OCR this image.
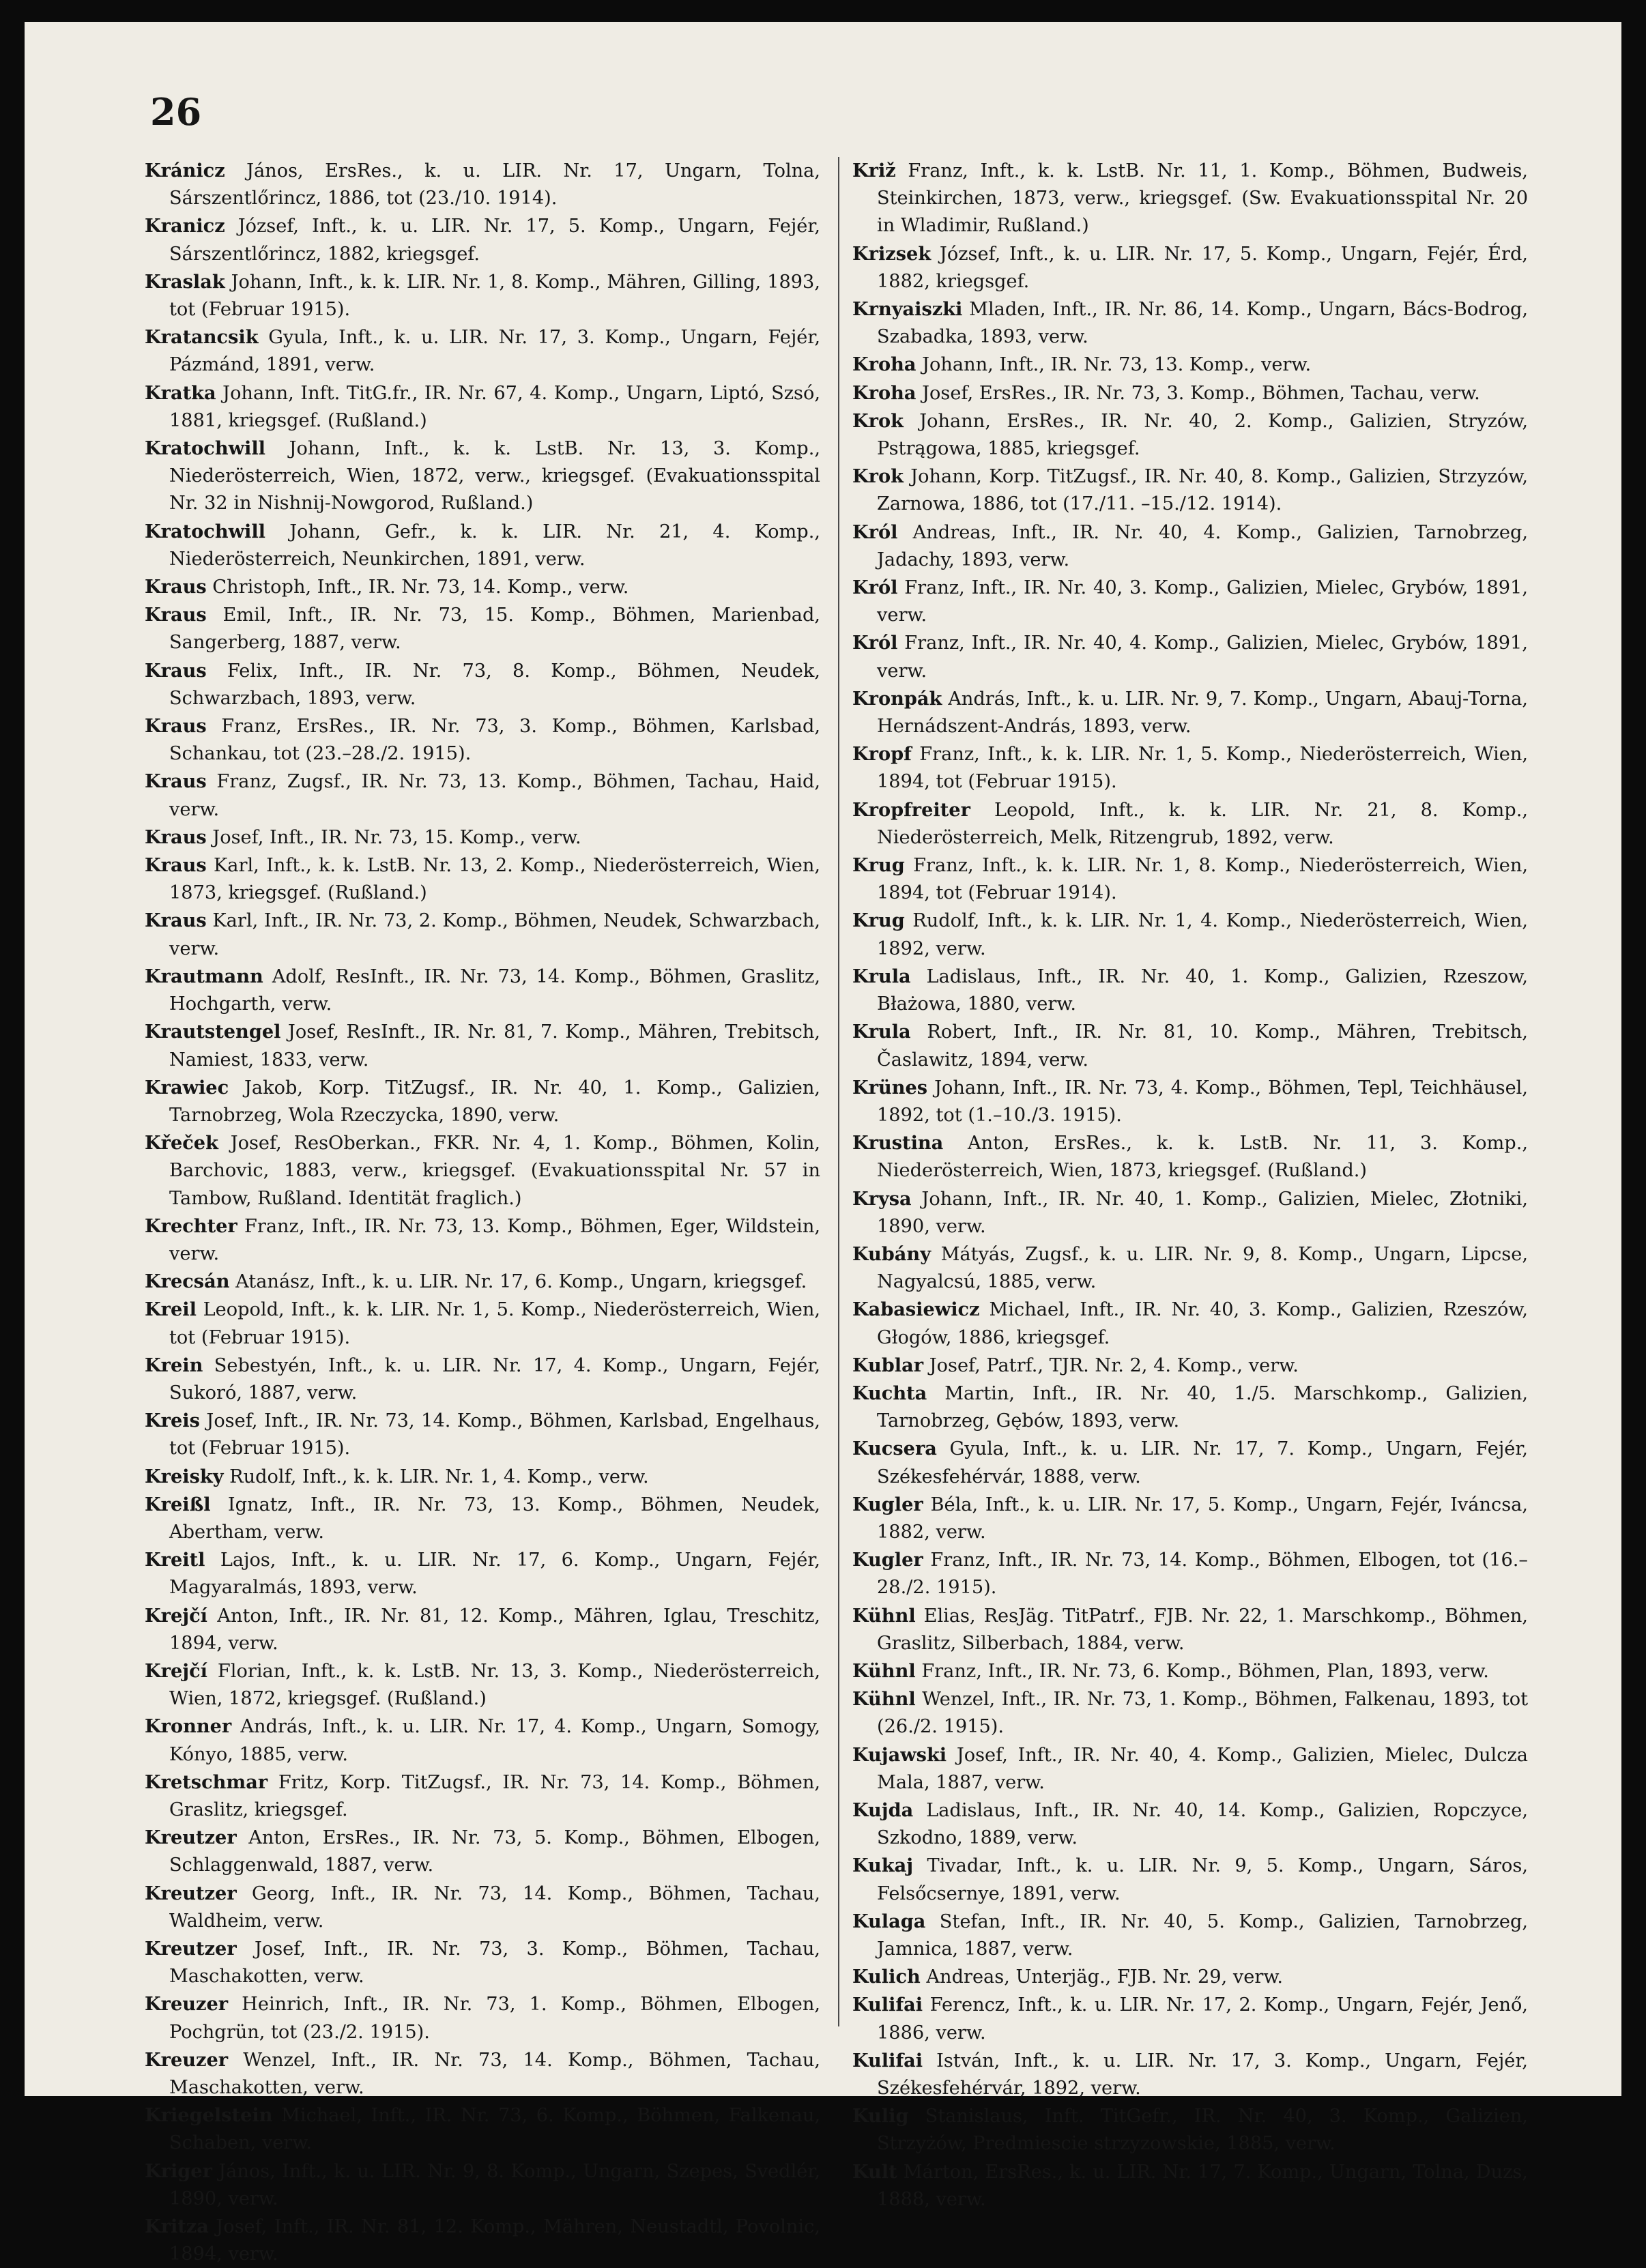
26
Kránicz János, ErsRes., k. u. LIR. Nr. 17, Ungarn, Tolna, Sárszentlőrincz, 1886, tot (23./10. 1914).
Kranicz József, Inft., k. u. LIR. Nr. 17, 5. Komp., Ungarn, Fejér, Sárszentlőrincz, 1882, kriegsgef.
Kraslak Johann, Inft., k. k. LIR. Nr. 1, 8. Komp., Mähren, Gilling, 1893, tot (Februar 1915).
Kratancsik Gyula, Inft., k. u. LIR. Nr. 17, 3. Komp., Ungarn, Fejér, Pázmánd, 1891, verw.
Kratka Johann, Inft. TitG.fr., IR. Nr. 67, 4. Komp., Ungarn, Liptó, Szsó, 1881, kriegsgef. (Rußland.)
Kratochwill Johann, Inft., k. k. LstB. Nr. 13, 3. Komp., Niederösterreich, Wien, 1872, verw., kriegsgef. (Evakuationsspital Nr. 32 in Nishnij-Nowgorod, Rußland.)
Kratochwill Johann, Gefr., k. k. LIR. Nr. 21, 4. Komp., Niederösterreich, Neunkirchen, 1891, verw.
Kraus Christoph, Inft., IR. Nr. 73, 14. Komp., verw.
Kraus Emil, Inft., IR. Nr. 73, 15. Komp., Böhmen, Marienbad, Sangerberg, 1887, verw.
Kraus Felix, Inft., IR. Nr. 73, 8. Komp., Böhmen, Neudek, Schwarzbach, 1893, verw.
Kraus Franz, ErsRes., IR. Nr. 73, 3. Komp., Böhmen, Karlsbad, Schankau, tot (23.–28./2. 1915).
Kraus Franz, Zugsf., IR. Nr. 73, 13. Komp., Böhmen, Tachau, Haid, verw.
Kraus Josef, Inft., IR. Nr. 73, 15. Komp., verw.
Kraus Karl, Inft., k. k. LstB. Nr. 13, 2. Komp., Niederösterreich, Wien, 1873, kriegsgef. (Rußland.)
Kraus Karl, Inft., IR. Nr. 73, 2. Komp., Böhmen, Neudek, Schwarzbach, verw.
Krautmann Adolf, ResInft., IR. Nr. 73, 14. Komp., Böhmen, Graslitz, Hochgarth, verw.
Krautstengel Josef, ResInft., IR. Nr. 81, 7. Komp., Mähren, Trebitsch, Namiest, 1833, verw.
Krawiec Jakob, Korp. TitZugsf., IR. Nr. 40, 1. Komp., Galizien, Tarnobrzeg, Wola Rzeczycka, 1890, verw.
Křeček Josef, ResOberkan., FKR. Nr. 4, 1. Komp., Böhmen, Kolin, Barchovic, 1883, verw., kriegsgef. (Evakuationsspital Nr. 57 in Tambow, Rußland. Identität fraglich.)
Krechter Franz, Inft., IR. Nr. 73, 13. Komp., Böhmen, Eger, Wildstein, verw.
Krecsán Atanász, Inft., k. u. LIR. Nr. 17, 6. Komp., Ungarn, kriegsgef.
Kreil Leopold, Inft., k. k. LIR. Nr. 1, 5. Komp., Niederösterreich, Wien, tot (Februar 1915).
Krein Sebestyén, Inft., k. u. LIR. Nr. 17, 4. Komp., Ungarn, Fejér, Sukoró, 1887, verw.
Kreis Josef, Inft., IR. Nr. 73, 14. Komp., Böhmen, Karlsbad, Engelhaus, tot (Februar 1915).
Kreisky Rudolf, Inft., k. k. LIR. Nr. 1, 4. Komp., verw.
Kreißl Ignatz, Inft., IR. Nr. 73, 13. Komp., Böhmen, Neudek, Abertham, verw.
Kreitl Lajos, Inft., k. u. LIR. Nr. 17, 6. Komp., Ungarn, Fejér, Magyaralmás, 1893, verw.
Krejčí Anton, Inft., IR. Nr. 81, 12. Komp., Mähren, Iglau, Treschitz, 1894, verw.
Krejčí Florian, Inft., k. k. LstB. Nr. 13, 3. Komp., Niederösterreich, Wien, 1872, kriegsgef. (Rußland.)
Kronner András, Inft., k. u. LIR. Nr. 17, 4. Komp., Ungarn, Somogy, Kónyo, 1885, verw.
Kretschmar Fritz, Korp. TitZugsf., IR. Nr. 73, 14. Komp., Böhmen, Graslitz, kriegsgef.
Kreutzer Anton, ErsRes., IR. Nr. 73, 5. Komp., Böhmen, Elbogen, Schlaggenwald, 1887, verw.
Kreutzer Georg, Inft., IR. Nr. 73, 14. Komp., Böhmen, Tachau, Waldheim, verw.
Kreutzer Josef, Inft., IR. Nr. 73, 3. Komp., Böhmen, Tachau, Maschakotten, verw.
Kreuzer Heinrich, Inft., IR. Nr. 73, 1. Komp., Böhmen, Elbogen, Pochgrün, tot (23./2. 1915).
Kreuzer Wenzel, Inft., IR. Nr. 73, 14. Komp., Böhmen, Tachau, Maschakotten, verw.
Kriegelstein Michael, Inft., IR. Nr. 73, 6. Komp., Böhmen, Falkenau, Schaben, verw.
Kriger János, Inft., k. u. LIR. Nr. 9, 8. Komp., Ungarn, Szepes, Svedlér, 1890, verw.
Kritza Josef, Inft., IR. Nr. 81, 12. Komp., Mähren, Neustadtl, Povolnic, 1894, verw.
Križ Franz, Inft., k. k. LstB. Nr. 11, 1. Komp., Böhmen, Budweis, Steinkirchen, 1873, verw., kriegsgef. (Sw. Evakuationsspital Nr. 20 in Wladimir, Rußland.)
Krizsek József, Inft., k. u. LIR. Nr. 17, 5. Komp., Ungarn, Fejér, Érd, 1882, kriegsgef.
Krnyaiszki Mladen, Inft., IR. Nr. 86, 14. Komp., Ungarn, Bács-Bodrog, Szabadka, 1893, verw.
Kroha Johann, Inft., IR. Nr. 73, 13. Komp., verw.
Kroha Josef, ErsRes., IR. Nr. 73, 3. Komp., Böhmen, Tachau, verw.
Krok Johann, ErsRes., IR. Nr. 40, 2. Komp., Galizien, Stryzów, Pstrągowa, 1885, kriegsgef.
Krok Johann, Korp. TitZugsf., IR. Nr. 40, 8. Komp., Galizien, Strzyzów, Zarnowa, 1886, tot (17./11. –15./12. 1914).
Król Andreas, Inft., IR. Nr. 40, 4. Komp., Galizien, Tarnobrzeg, Jadachy, 1893, verw.
Król Franz, Inft., IR. Nr. 40, 3. Komp., Galizien, Mielec, Grybów, 1891, verw.
Król Franz, Inft., IR. Nr. 40, 4. Komp., Galizien, Mielec, Grybów, 1891, verw.
Kronpák András, Inft., k. u. LIR. Nr. 9, 7. Komp., Ungarn, Abauj-Torna, Hernádszent-András, 1893, verw.
Kropf Franz, Inft., k. k. LIR. Nr. 1, 5. Komp., Niederösterreich, Wien, 1894, tot (Februar 1915).
Kropfreiter Leopold, Inft., k. k. LIR. Nr. 21, 8. Komp., Niederösterreich, Melk, Ritzengrub, 1892, verw.
Krug Franz, Inft., k. k. LIR. Nr. 1, 8. Komp., Niederösterreich, Wien, 1894, tot (Februar 1914).
Krug Rudolf, Inft., k. k. LIR. Nr. 1, 4. Komp., Niederösterreich, Wien, 1892, verw.
Krula Ladislaus, Inft., IR. Nr. 40, 1. Komp., Galizien, Rzeszow, Błażowa, 1880, verw.
Krula Robert, Inft., IR. Nr. 81, 10. Komp., Mähren, Trebitsch, Časlawitz, 1894, verw.
Krünes Johann, Inft., IR. Nr. 73, 4. Komp., Böhmen, Tepl, Teichhäusel, 1892, tot (1.–10./3. 1915).
Krustina Anton, ErsRes., k. k. LstB. Nr. 11, 3. Komp., Niederösterreich, Wien, 1873, kriegsgef. (Rußland.)
Krysa Johann, Inft., IR. Nr. 40, 1. Komp., Galizien, Mielec, Złotniki, 1890, verw.
Kubány Mátyás, Zugsf., k. u. LIR. Nr. 9, 8. Komp., Ungarn, Lipcse, Nagyalcsú, 1885, verw.
Kabasiewicz Michael, Inft., IR. Nr. 40, 3. Komp., Galizien, Rzeszów, Głogów, 1886, kriegsgef.
Kublar Josef, Patrf., TJR. Nr. 2, 4. Komp., verw.
Kuchta Martin, Inft., IR. Nr. 40, 1./5. Marschkomp., Galizien, Tarnobrzeg, Gębów, 1893, verw.
Kucsera Gyula, Inft., k. u. LIR. Nr. 17, 7. Komp., Ungarn, Fejér, Székesfehérvár, 1888, verw.
Kugler Béla, Inft., k. u. LIR. Nr. 17, 5. Komp., Ungarn, Fejér, Iváncsa, 1882, verw.
Kugler Franz, Inft., IR. Nr. 73, 14. Komp., Böhmen, Elbogen, tot (16.–28./2. 1915).
Kühnl Elias, ResJäg. TitPatrf., FJB. Nr. 22, 1. Marschkomp., Böhmen, Graslitz, Silberbach, 1884, verw.
Kühnl Franz, Inft., IR. Nr. 73, 6. Komp., Böhmen, Plan, 1893, verw.
Kühnl Wenzel, Inft., IR. Nr. 73, 1. Komp., Böhmen, Falkenau, 1893, tot (26./2. 1915).
Kujawski Josef, Inft., IR. Nr. 40, 4. Komp., Galizien, Mielec, Dulcza Mala, 1887, verw.
Kujda Ladislaus, Inft., IR. Nr. 40, 14. Komp., Galizien, Ropczyce, Szkodno, 1889, verw.
Kukaj Tivadar, Inft., k. u. LIR. Nr. 9, 5. Komp., Ungarn, Sáros, Felsőcsernye, 1891, verw.
Kulaga Stefan, Inft., IR. Nr. 40, 5. Komp., Galizien, Tarnobrzeg, Jamnica, 1887, verw.
Kulich Andreas, Unterjäg., FJB. Nr. 29, verw.
Kulifai Ferencz, Inft., k. u. LIR. Nr. 17, 2. Komp., Ungarn, Fejér, Jenő, 1886, verw.
Kulifai István, Inft., k. u. LIR. Nr. 17, 3. Komp., Ungarn, Fejér, Székesfehérvár, 1892, verw.
Kulig Stanislaus, Inft. TitGefr., IR. Nr. 40, 3. Komp., Galizien, Strzyżów, Predmiescie strzyzowskie, 1885, verw.
Kult Márton, ErsRes., k. u. LIR. Nr. 17, 7. Komp., Ungarn, Tolna, Duzs, 1888, verw.
